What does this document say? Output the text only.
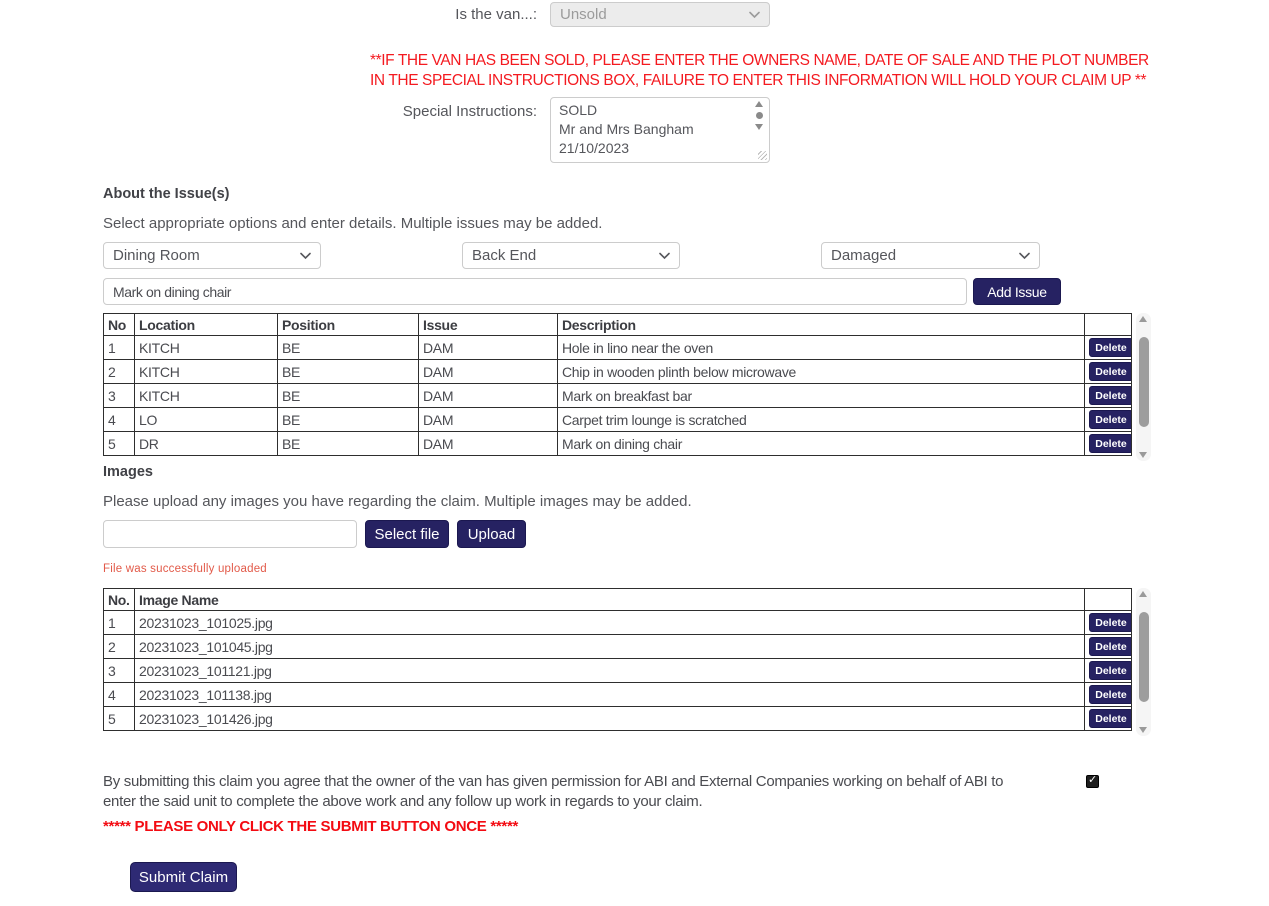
Is the van...:	Unsold
**IF THE VAN HAS BEEN SOLD, PLEASE ENTER THE OWNERS NAME, DATE OF SALE AND THE PLOT NUMBER IN THE SPECIAL INSTRUCTIONS BOX, FAILURE TO ENTER THIS INFORMATION WILL HOLD YOUR CLAIM UP **
Special Instructions:
SOLD Mr and Mrs Bangham 21/10/2023
About the Issue(s)
Select appropriate options and enter details. Multiple issues may be added.
Dining Room	Back End	Damaged
Mark on dining chair
Add Issue
No	Location	Position	Issue	Description	
1	KITCH	BE	DAM	Hole in lino near the oven	Delete
2	KITCH	BE	DAM	Chip in wooden plinth below microwave	Delete
3	KITCH	BE	DAM	Mark on breakfast bar	Delete
4	LO	BE	DAM	Carpet trim lounge is scratched	Delete
5	DR	BE	DAM	Mark on dining chair	Delete
Images
Please upload any images you have regarding the claim. Multiple images may be added.
Select file	Upload
File was successfully uploaded
No.	Image Name	
1	20231023_101025.jpg	Delete
2	20231023_101045.jpg	Delete
3	20231023_101121.jpg	Delete
4	20231023_101138.jpg	Delete
5	20231023_101426.jpg	Delete
By submitting this claim you agree that the owner of the van has given permission for ABI and External Companies working on behalf of ABI to enter the said unit to complete the above work and any follow up work in regards to your claim.
✓
***** PLEASE ONLY CLICK THE SUBMIT BUTTON ONCE *****
Submit Claim
